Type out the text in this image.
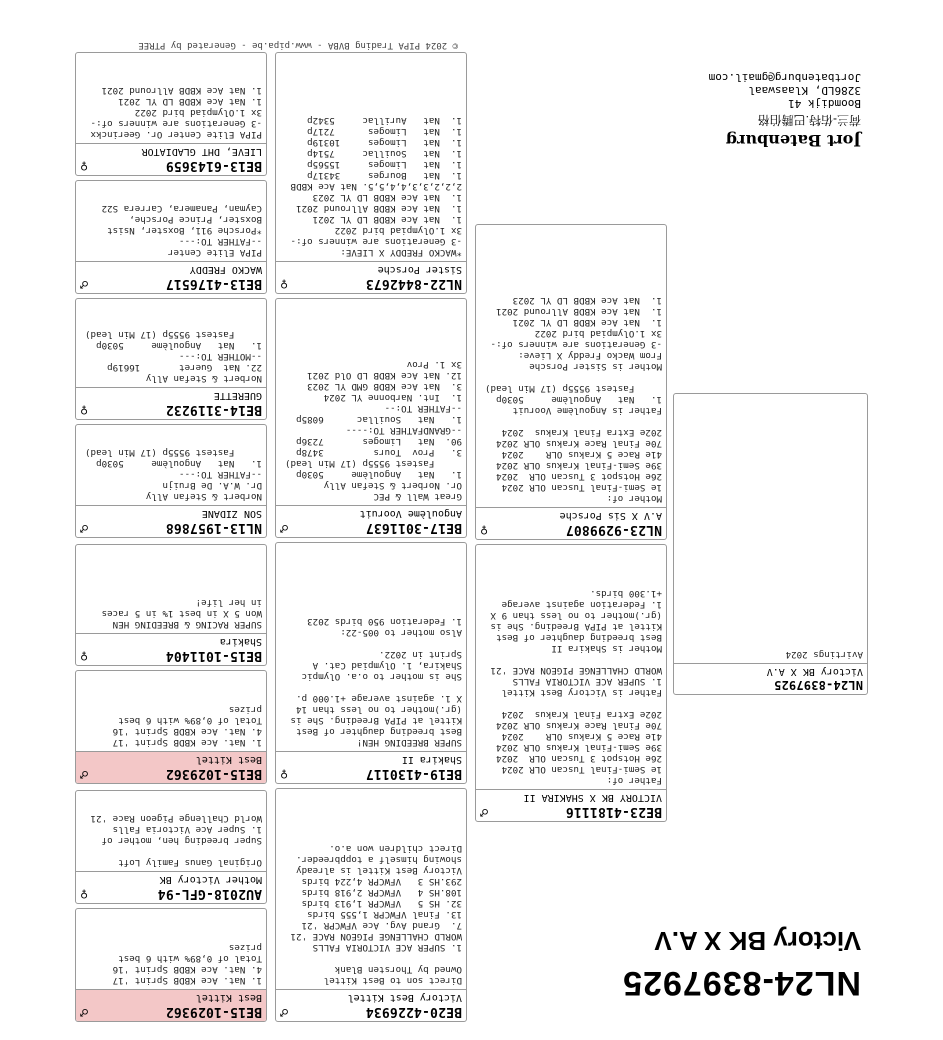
NL24-8397925
Victory BK X A.V
Jort Batenburg
荷兰-佑特.巴腾伯格
Boomdijk 41
3286LD, Klaaswaal
Jortbatenburg@gmail.com
© 2024 PIPA Trading BVBA - www.pipa.be - Generated by PTREE
NL24-8397925
Victory BK X A.V
Avirtings 2024
BE23-4181116
♂
VICTORY BK X SHAKIRA II
Father of:
1e Semi-Final Tuscan OLR 2024
26e Hotspot 3 Tuscan OLR  2024
39e Semi-Final Krakus OLR 2024
41e Race 5 Krakus OLR    2024
70e Final Race Krakus OLR 2024
202e Extra Final Krakus  2024

Father is Victory Best Kittel
1. SUPER ACE VICTORIA FALLS
WORLD CHALLENGE PIGEON RACE '21

Mother is Shakira II
Best breeding daughter of Best
Kittel at PIPA Breeding. She is
(gr.)mother to no less than 9 X
1. Federation against average
+1.300 birds.
NL23-9299807
♀
A.V X Sis Porsche
Mother of:
1e Semi-Final Tuscan OLR 2024
26e Hotspot 3 Tuscan OLR  2024
39e Semi-Final Krakus OLR 2024
41e Race 5 Krakus OLR    2024
70e Final Race Krakus OLR 2024
202e Extra Final Krakus  2024

Father is Angoulème Vooruit
1.   Nat   Angoulème     5030p
Fastest 9555p (17 Min lead)

Mother is Sister Porsche
From Wacko Freddy X Lieve:
-3 Generations are winners of:-
3x 1.Olympiad bird 2022
1.  Nat Ace KBDB LD YL 2021
1.  Nat Ace KBDB Allround 2021
1.  Nat Ace KBDB LD YL 2023
BE20-4226934
♂
Victory Best Kittel
Direct son to Best Kittel
Owned by Thorsten Blank

1. SUPER ACE VICTORIA FALLS
WORLD CHALLENGE PIGEON RACE '21
7.  Grand Avg. Ace VFWCPR '21
13. Final VFWCPR 1,555 birds
32. HS 5   VFWCPR 1,913 birds
108.HS 4   VFWCPR 2,918 birds
293.HS 3   VFWCPR 4,224 birds
Victory Best Kittel is already
showing himself a toppbreeder.
Direct children won a.o.
BE19-4130117
♀
Shakira II
SUPER BREEDING HEN!
Best breeding daughter of Best
Kittel at PIPA Breeding. She is
(gr.)mother to no less than 14
X 1. against average +1.000 p.

She is mother to o.a. Olympic
Shakira, 1. Olympiad Cat. A
Sprint in 2022.

Also mother to 005-22:
1. Federation 950 birds 2023
BE17-3011637
♂
Angoulème Vooruit
Great Wall & PEC
Or. Norbert & Stefan Ally
1.   Nat   Angoulème     5030p
Fastest 9555p (17 Min lead)
3.   Prov  Tours         3478p
90.  Nat   Limoges       7236p
--GRANDFATHER TO:----
1.   Nat   Souillac      6085p
--FATHER TO:--
1.  Int. Narbonne YL 2024
3.  Nat Ace KBDB GMD YL 2023
12. Nat Ace KBDB LD Old 2021
3x 1. Prov
NL22-8442673
♀
Sister Porsche
*WACKO FREDDY X LIEVE:
-3 Generations are winners of:-
3x 1.Olympiad bird 2022
1.  Nat Ace KBDB LD YL 2021
1.  Nat Ace KBDB Allround 2021
1.  Nat Ace KBDB LD YL 2023
2,2,2,3,3,4,4,5,5. Nat Ace KBDB
1.  Nat   Bourges     34317p
1.  Nat   Limoges     15565p
1.  Nat   Souillac     7514p
1.  Nat   Limoges     10319p
1.  Nat   Limoges      7217p
1.  Nat   Aurillac     5342p
BE15-1029362
♂
Best Kittel
1. Nat. Ace KBDB Sprint '17
4. Nat. Ace KBDB Sprint '16
Total of 0,89% with 6 best
prizes
AU2018-GFL-94
♀
Mother Victory BK
Original Ganus Family Loft

Super breeding hen, mother of
1. Super Ace Victoria Falls
World Challenge Pigeon Race '21
BE15-1029362
♂
Best Kittel
1. Nat. Ace KBDB Sprint '17
4. Nat. Ace KBDB Sprint '16
Total of 0,89% with 6 best
prizes
BE15-1011404
♀
Shakira
SUPER RACING & BREEDING HEN
Won 5 X in best 1% in 5 races
in her life!
NL13-1957868
♂
SON ZIDANE
Norbert & Stefan Ally
Dr. W.A. De Bruijn
--FATHER TO:---
1.   Nat   Angoulème     5030p
Fastest 9555p (17 Min lead)
BE14-3119232
♀
GUERETTE
Norbert & Stefan Ally
22. Nat  Gueret       16619p
--MOTHER TO:---
1.   Nat   Angoulème     5030p
Fastest 9555p (17 Min lead)
BE13-4176517
♂
WACKO FREDDY
PIPA Elite Center
--FATHER TO:---
*Porsche 911, Boxster, Nsist
Boxster, Prince Porsche,
Cayman, Panamera, Carrera S22
BE13-6143659
♀
LIEVE, DHT GLADIATOR
PIPA Elite Center Or. Geerinckx
-3 Generations are winners of:-
3x 1.Olympiad bird 2022
1. Nat Ace KBDB LD YL 2021
1. Nat Ace KBDB Allround 2021
